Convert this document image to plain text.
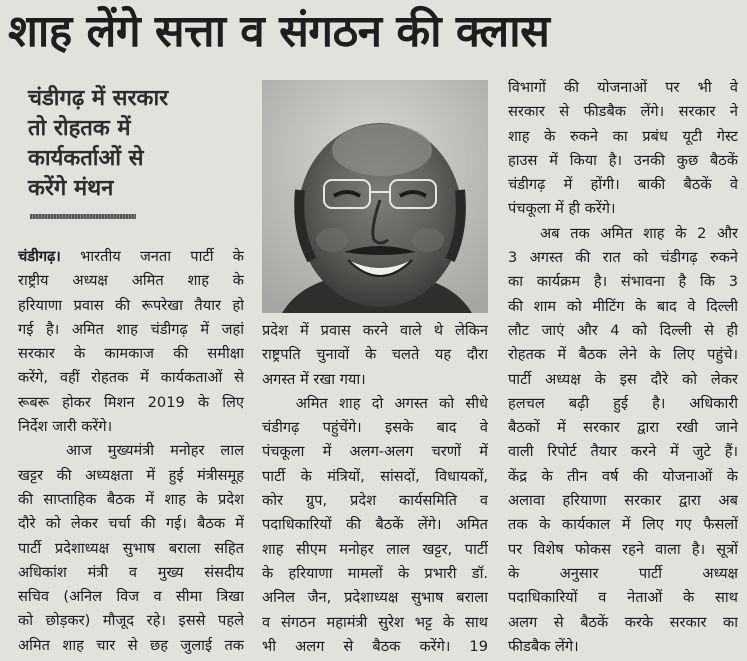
शाह लेंगे सत्ता व संगठन की क्लास
चंडीगढ़ में सरकार
तो रोहतक में
कार्यकर्ताओं से
करेंगे मंथन
चंडीगढ़। भारतीय जनता पार्टी के
राष्ट्रीय अध्यक्ष अमित शाह के
हरियाणा प्रवास की रूपरेखा तैयार हो
गई है। अमित शाह चंडीगढ़ में जहां
सरकार के कामकाज की समीक्षा
करेंगे, वहीं रोहतक में कार्यकताओं से
रूबरू होकर मिशन 2019 के लिए
निर्देश जारी करेंगे।
आज मुख्यमंत्री मनोहर लाल
खट्टर की अध्यक्षता में हुई मंत्रीसमूह
की साप्ताहिक बैठक में शाह के प्रदेश
दौरे को लेकर चर्चा की गई। बैठक में
पार्टी प्रदेशाध्यक्ष सुभाष बराला सहित
अधिकांश मंत्री व मुख्य संसदीय
सचिव (अनिल विज व सीमा त्रिखा
को छोड़कर) मौजूद रहे। इससे पहले
अमित शाह चार से छह जुलाई तक
प्रदेश में प्रवास करने वाले थे लेकिन
राष्ट्रपति चुनावों के चलते यह दौरा
अगस्त में रखा गया।
अमित शाह दो अगस्त को सीधे
चंडीगढ़ पहुंचेंगे। इसके बाद वे
पंचकूला में अलग-अलग चरणों में
पार्टी के मंत्रियों, सांसदों, विधायकों,
कोर ग्रुप, प्रदेश कार्यसमिति व
पदाधिकारियों की बैठकें लेंगे। अमित
शाह सीएम मनोहर लाल खट्टर, पार्टी
के हरियाणा मामलों के प्रभारी डॉ.
अनिल जैन, प्रदेशाध्यक्ष सुभाष बराला
व संगठन महामंत्री सुरेश भट्ट के साथ
भी अलग से बैठक करेंगे। 19
विभागों की योजनाओं पर भी वे
सरकार से फीडबैक लेंगे। सरकार ने
शाह के रुकने का प्रबंध यूटी गेस्ट
हाउस में किया है। उनकी कुछ बैठकें
चंडीगढ़ में होंगी। बाकी बैठकें वे
पंचकूला में ही करेंगे।
अब तक अमित शाह के 2 और
3 अगस्त की रात को चंडीगढ़ रुकने
का कार्यक्रम है। संभावना है कि 3
की शाम को मीटिंग के बाद वे दिल्ली
लौट जाएं और 4 को दिल्ली से ही
रोहतक में बैठक लेने के लिए पहुंचे।
पार्टी अध्यक्ष के इस दौरे को लेकर
हलचल बढ़ी हुई है। अधिकारी
बैठकों में सरकार द्वारा रखी जाने
वाली रिपोर्ट तैयार करने में जुटे हैं।
केंद्र के तीन वर्ष की योजनाओं के
अलावा हरियाणा सरकार द्वारा अब
तक के कार्यकाल में लिए गए फैसलों
पर विशेष फोकस रहने वाला है। सूत्रों
के अनुसार पार्टी अध्यक्ष
पदाधिकारियों व नेताओं के साथ
अलग से बैठकें करके सरकार का
फीडबैक लेंगे।
